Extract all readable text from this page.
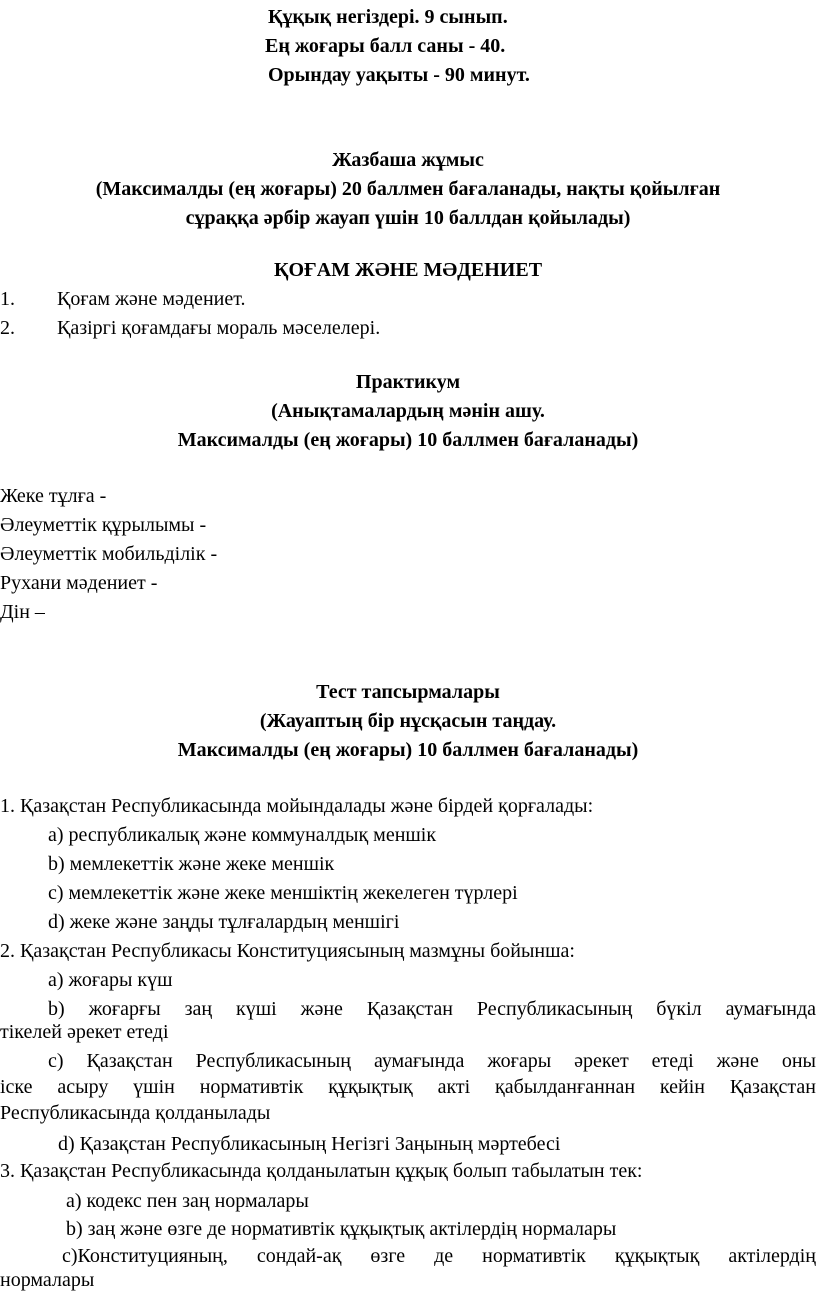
Құқық негіздері. 9 сынып.
Ең жоғары балл саны - 40.
Орындау уақыты - 90 минут.
Жазбаша жұмыс
(Максималды (ең жоғары) 20 баллмен бағаланады, нақты қойылған
сұраққа әрбір жауап үшін 10 баллдан қойылады)
ҚОҒАМ ЖӘНЕ МӘДЕНИЕТ
1. Қоғам және мәдениет.
2. Қазіргі қоғамдағы мораль мәселелері.
Практикум
(Анықтамалардың мәнін ашу.
Максималды (ең жоғары) 10 баллмен бағаланады)
Жеке тұлға -
Әлеуметтік құрылымы -
Әлеуметтік мобильділік -
Рухани мәдениет -
Дін –
Тест тапсырмалары
(Жауаптың бір нұсқасын таңдау.
Максималды (ең жоғары) 10 баллмен бағаланады)
1. Қазақстан Республикасында мойындалады және бірдей қорғалады:
a) республикалық және коммуналдық меншік
b) мемлекеттік және жеке меншік
c) мемлекеттік және жеке меншіктің жекелеген түрлері
d) жеке және заңды тұлғалардың меншігі
2. Қазақстан Республикасы Конституциясының мазмұны бойынша:
a) жоғары күш
b) жоғарғы заң күші және Қазақстан Республикасының бүкіл аумағында
тікелей әрекет етеді
c) Қазақстан Республикасының аумағында жоғары әрекет етеді және оны
іске асыру үшін нормативтік құқықтық акті қабылданғаннан кейін Қазақстан
Республикасында қолданылады
d) Қазақстан Республикасының Негізгі Заңының мәртебесі
3. Қазақстан Республикасында қолданылатын құқық болып табылатын тек:
a) кодекс пен заң нормалары
b) заң және өзге де нормативтік құқықтық актілердің нормалары
c)Конституцияның, сондай-ақ өзге де нормативтік құқықтық актілердің
нормалары
